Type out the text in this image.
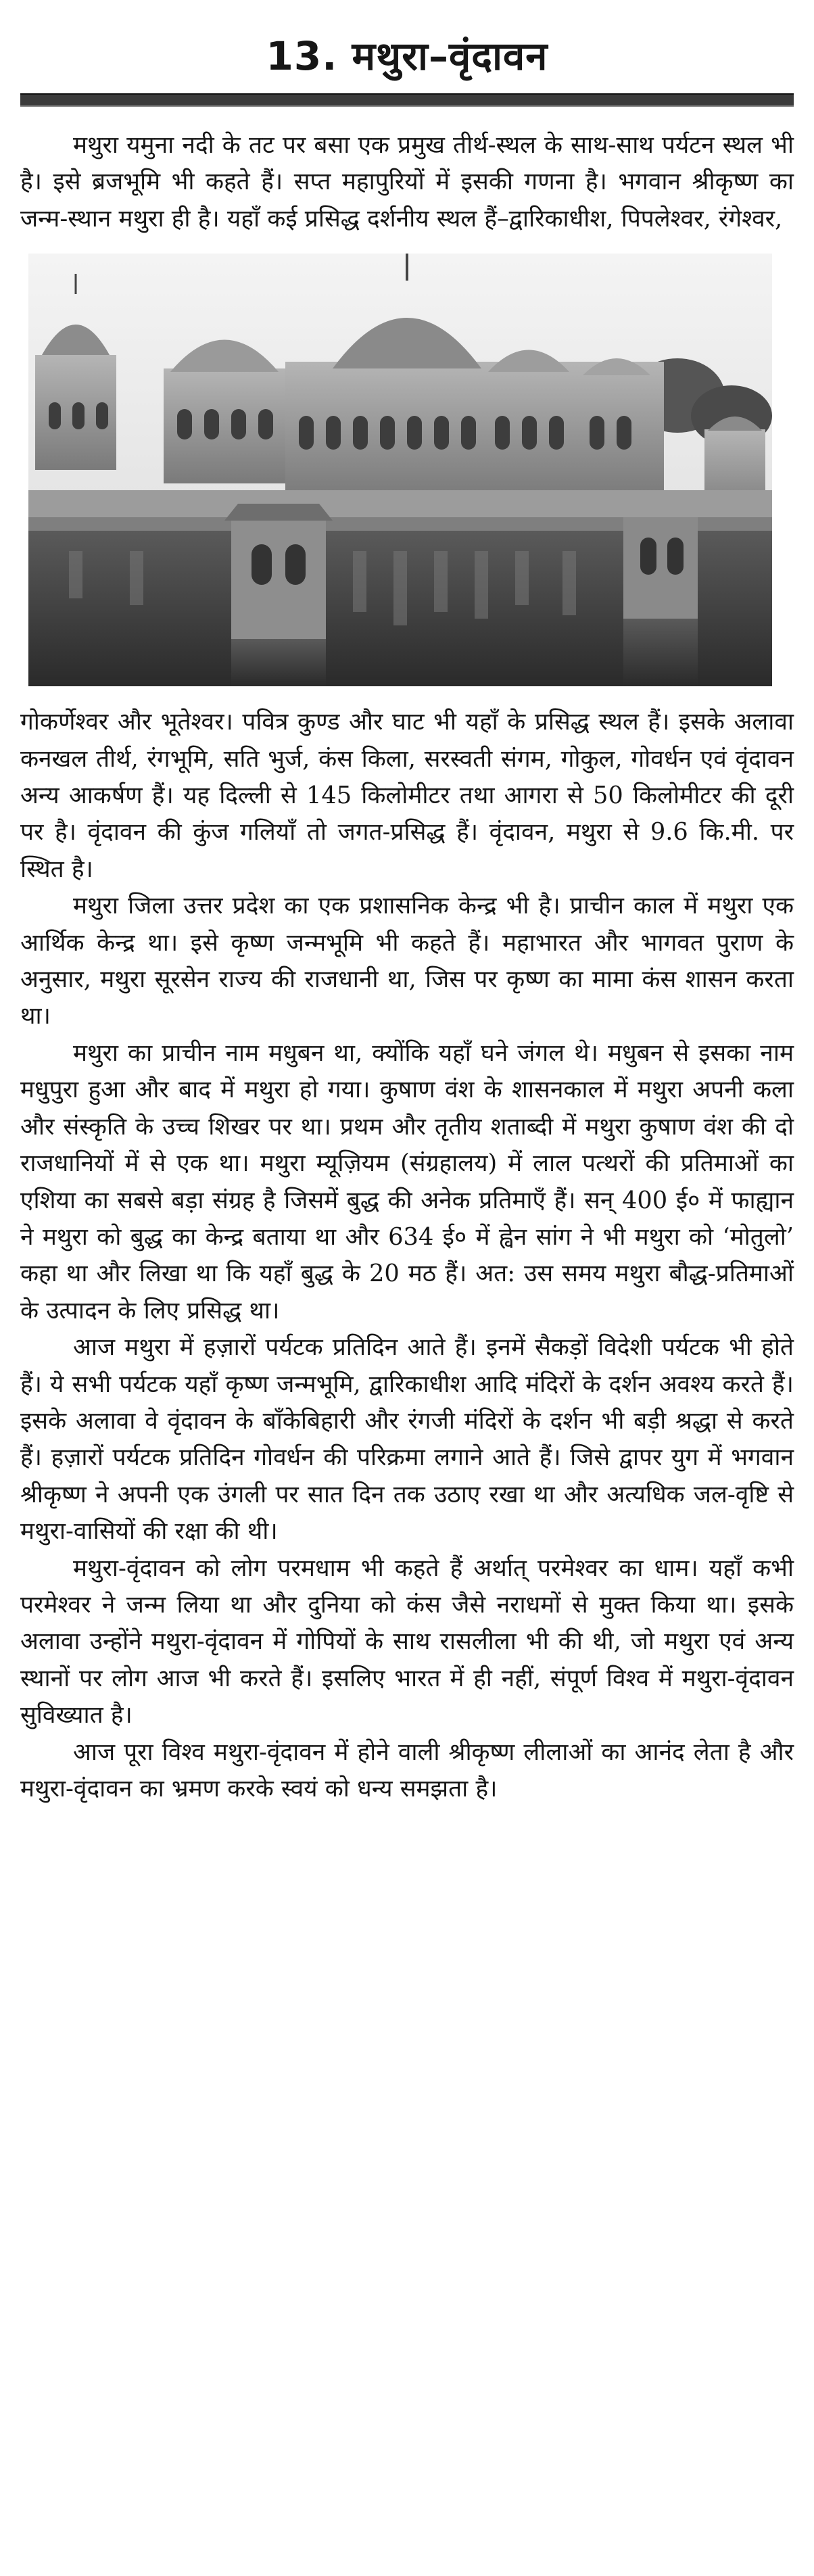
13. मथुरा–वृंदावन

मथुरा यमुना नदी के तट पर बसा एक प्रमुख तीर्थ-स्थल के साथ-साथ पर्यटन स्थल भी है। इसे ब्रजभूमि भी कहते हैं। सप्त महापुरियों में इसकी गणना है। भगवान श्रीकृष्ण का जन्म-स्थान मथुरा ही है। यहाँ कई प्रसिद्ध दर्शनीय स्थल हैं–द्वारिकाधीश, पिपलेश्वर, रंगेश्वर,

गोकर्णेश्वर और भूतेश्वर। पवित्र कुण्ड और घाट भी यहाँ के प्रसिद्ध स्थल हैं। इसके अलावा कनखल तीर्थ, रंगभूमि, सति भुर्ज, कंस किला, सरस्वती संगम, गोकुल, गोवर्धन एवं वृंदावन अन्य आकर्षण हैं। यह दिल्ली से 145 किलोमीटर तथा आगरा से 50 किलोमीटर की दूरी पर है। वृंदावन की कुंज गलियाँ तो जगत-प्रसिद्ध हैं। वृंदावन, मथुरा से 9.6 कि.मी. पर स्थित है।

मथुरा जिला उत्तर प्रदेश का एक प्रशासनिक केन्द्र भी है। प्राचीन काल में मथुरा एक आर्थिक केन्द्र था। इसे कृष्ण जन्मभूमि भी कहते हैं। महाभारत और भागवत पुराण के अनुसार, मथुरा सूरसेन राज्य की राजधानी था, जिस पर कृष्ण का मामा कंस शासन करता था।

मथुरा का प्राचीन नाम मधुबन था, क्योंकि यहाँ घने जंगल थे। मधुबन से इसका नाम मधुपुरा हुआ और बाद में मथुरा हो गया। कुषाण वंश के शासनकाल में मथुरा अपनी कला और संस्कृति के उच्च शिखर पर था। प्रथम और तृतीय शताब्दी में मथुरा कुषाण वंश की दो राजधानियों में से एक था। मथुरा म्यूज़ियम (संग्रहालय) में लाल पत्थरों की प्रतिमाओं का एशिया का सबसे बड़ा संग्रह है जिसमें बुद्ध की अनेक प्रतिमाएँ हैं। सन् 400 ई० में फाह्यान ने मथुरा को बुद्ध का केन्द्र बताया था और 634 ई० में ह्वेन सांग ने भी मथुरा को ‘मोतुलो’ कहा था और लिखा था कि यहाँ बुद्ध के 20 मठ हैं। अत: उस समय मथुरा बौद्ध-प्रतिमाओं के उत्पादन के लिए प्रसिद्ध था।

आज मथुरा में हज़ारों पर्यटक प्रतिदिन आते हैं। इनमें सैकड़ों विदेशी पर्यटक भी होते हैं। ये सभी पर्यटक यहाँ कृष्ण जन्मभूमि, द्वारिकाधीश आदि मंदिरों के दर्शन अवश्य करते हैं। इसके अलावा वे वृंदावन के बाँकेबिहारी और रंगजी मंदिरों के दर्शन भी बड़ी श्रद्धा से करते हैं। हज़ारों पर्यटक प्रतिदिन गोवर्धन की परिक्रमा लगाने आते हैं। जिसे द्वापर युग में भगवान श्रीकृष्ण ने अपनी एक उंगली पर सात दिन तक उठाए रखा था और अत्यधिक जल-वृष्टि से मथुरा-वासियों की रक्षा की थी।

मथुरा-वृंदावन को लोग परमधाम भी कहते हैं अर्थात् परमेश्वर का धाम। यहाँ कभी परमेश्वर ने जन्म लिया था और दुनिया को कंस जैसे नराधमों से मुक्त किया था। इसके अलावा उन्होंने मथुरा-वृंदावन में गोपियों के साथ रासलीला भी की थी, जो मथुरा एवं अन्य स्थानों पर लोग आज भी करते हैं। इसलिए भारत में ही नहीं, संपूर्ण विश्व में मथुरा-वृंदावन सुविख्यात है।

आज पूरा विश्व मथुरा-वृंदावन में होने वाली श्रीकृष्ण लीलाओं का आनंद लेता है और मथुरा-वृंदावन का भ्रमण करके स्वयं को धन्य समझता है।
